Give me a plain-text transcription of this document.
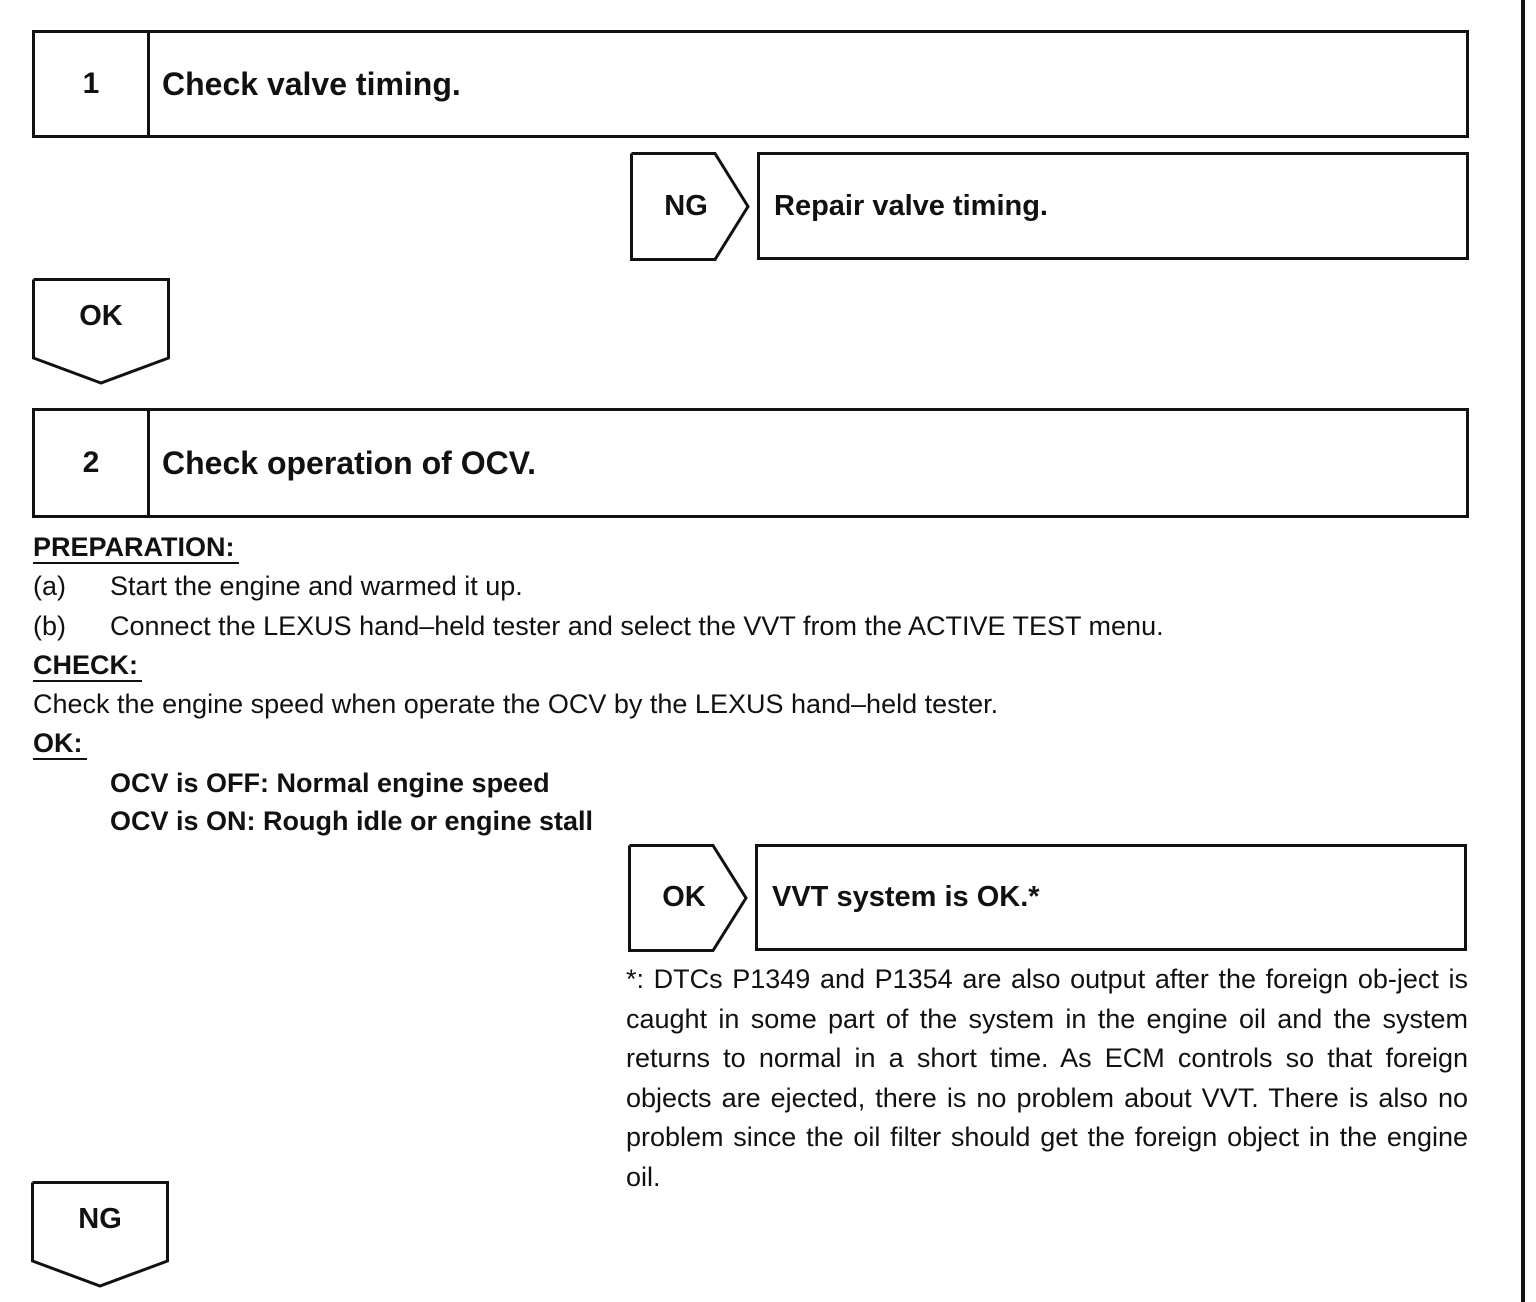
1	Check valve timing.
NG	Repair valve timing.
OK
2	Check operation of OCV.
PREPARATION:
(a) Start the engine and warmed it up.
(b) Connect the LEXUS hand–held tester and select the VVT from the ACTIVE TEST menu.
CHECK:
Check the engine speed when operate the OCV by the LEXUS hand–held tester.
OK:
OCV is OFF: Normal engine speed
OCV is ON: Rough idle or engine stall
OK	VVT system is OK.*
*: DTCs P1349 and P1354 are also output after the foreign ob-ject is caught in some part of the system in the engine oil and the system returns to normal in a short time. As ECM controls so that foreign objects are ejected, there is no problem about VVT. There is also no problem since the oil filter should get the foreign object in the engine oil.
NG
